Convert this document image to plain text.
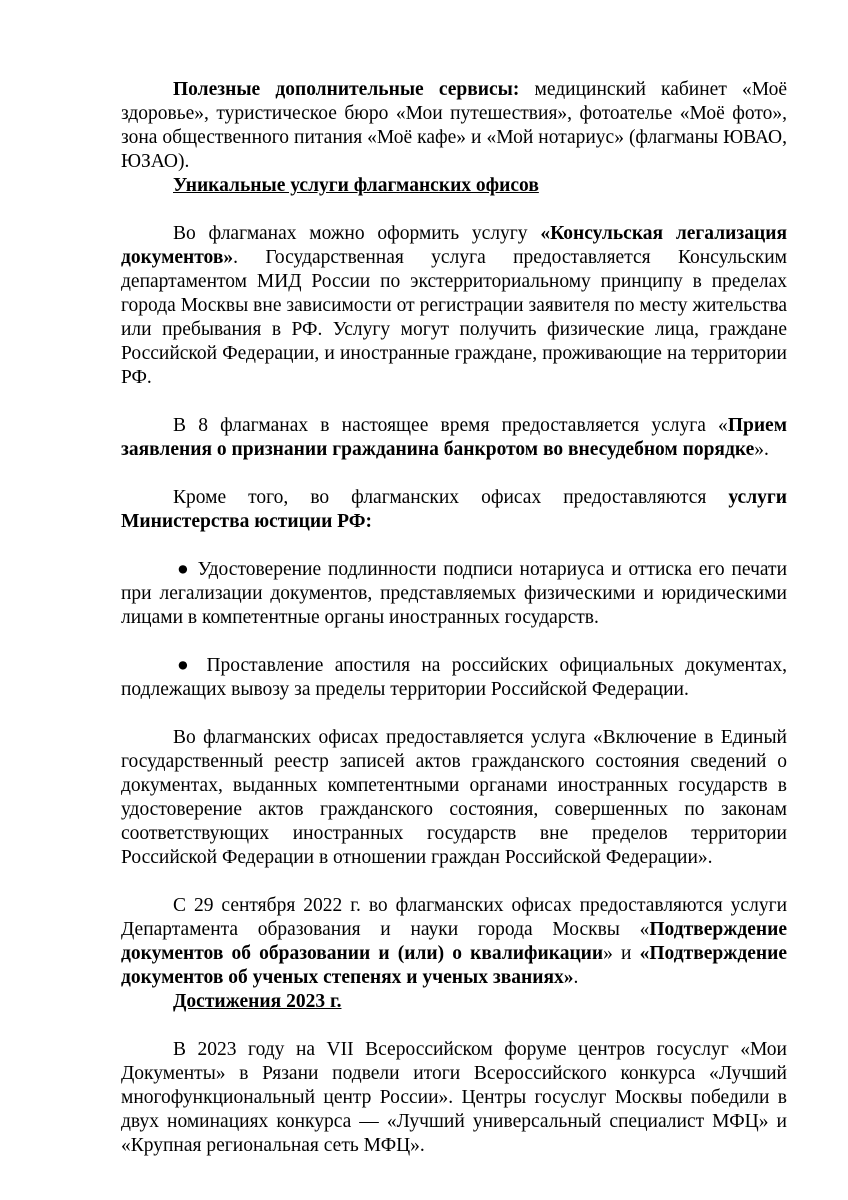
Полезные дополнительные сервисы: медицинский кабинет «Моё здоровье», туристическое бюро «Мои путешествия», фотоателье «Моё фото», зона общественного питания «Моё кафе» и «Мой нотариус» (флагманы ЮВАО, ЮЗАО).

Уникальные услуги флагманских офисов

Во флагманах можно оформить услугу «Консульская легализация документов». Государственная услуга предоставляется Консульским департаментом МИД России по экстерриториальному принципу в пределах города Москвы вне зависимости от регистрации заявителя по месту жительства или пребывания в РФ. Услугу могут получить физические лица, граждане Российской Федерации, и иностранные граждане, проживающие на территории РФ.

В 8 флагманах в настоящее время предоставляется услуга «Прием заявления о признании гражданина банкротом во внесудебном порядке».

Кроме того, во флагманских офисах предоставляются услуги Министерства юстиции РФ:

● Удостоверение подлинности подписи нотариуса и оттиска его печати при легализации документов, представляемых физическими и юридическими лицами в компетентные органы иностранных государств.

● Проставление апостиля на российских официальных документах, подлежащих вывозу за пределы территории Российской Федерации.

Во флагманских офисах предоставляется услуга «Включение в Единый государственный реестр записей актов гражданского состояния сведений о документах, выданных компетентными органами иностранных государств в удостоверение актов гражданского состояния, совершенных по законам соответствующих иностранных государств вне пределов территории Российской Федерации в отношении граждан Российской Федерации».

С 29 сентября 2022 г. во флагманских офисах предоставляются услуги Департамента образования и науки города Москвы «Подтверждение документов об образовании и (или) о квалификации» и «Подтверждение документов об ученых степенях и ученых званиях».

Достижения 2023 г.

В 2023 году на VII Всероссийском форуме центров госуслуг «Мои Документы» в Рязани подвели итоги Всероссийского конкурса «Лучший многофункциональный центр России». Центры госуслуг Москвы победили в двух номинациях конкурса — «Лучший универсальный специалист МФЦ» и «Крупная региональная сеть МФЦ».
